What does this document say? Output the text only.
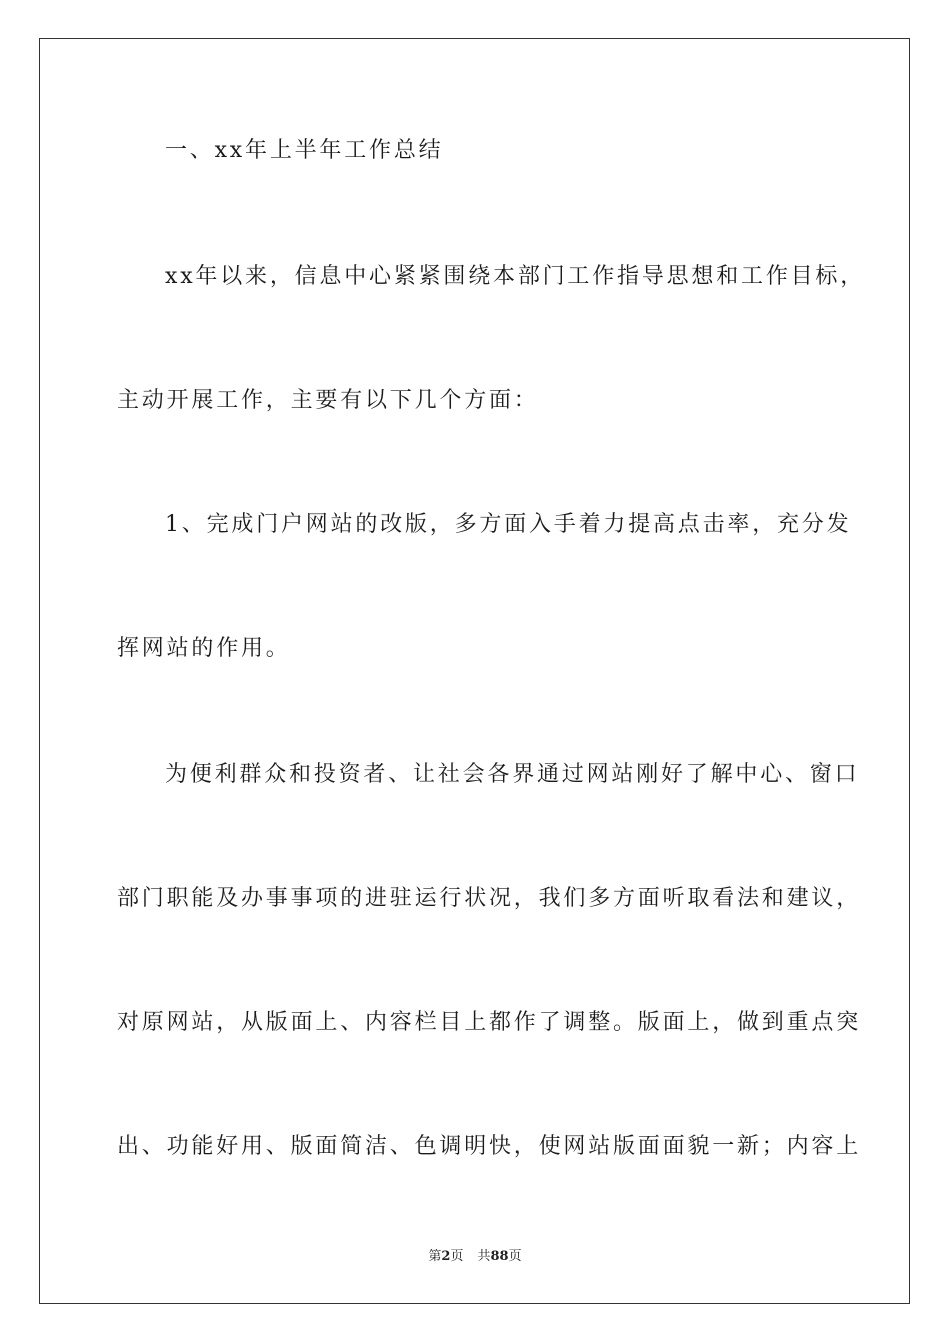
一、xx年上半年工作总结
xx年以来，信息中心紧紧围绕本部门工作指导思想和工作目标，
主动开展工作，主要有以下几个方面：
1、完成门户网站的改版，多方面入手着力提高点击率，充分发
挥网站的作用。
为便利群众和投资者、让社会各界通过网站刚好了解中心、窗口
部门职能及办事事项的进驻运行状况，我们多方面听取看法和建议，
对原网站，从版面上、内容栏目上都作了调整。版面上，做到重点突
出、功能好用、版面简洁、色调明快，使网站版面面貌一新；内容上
第2页 共88页
